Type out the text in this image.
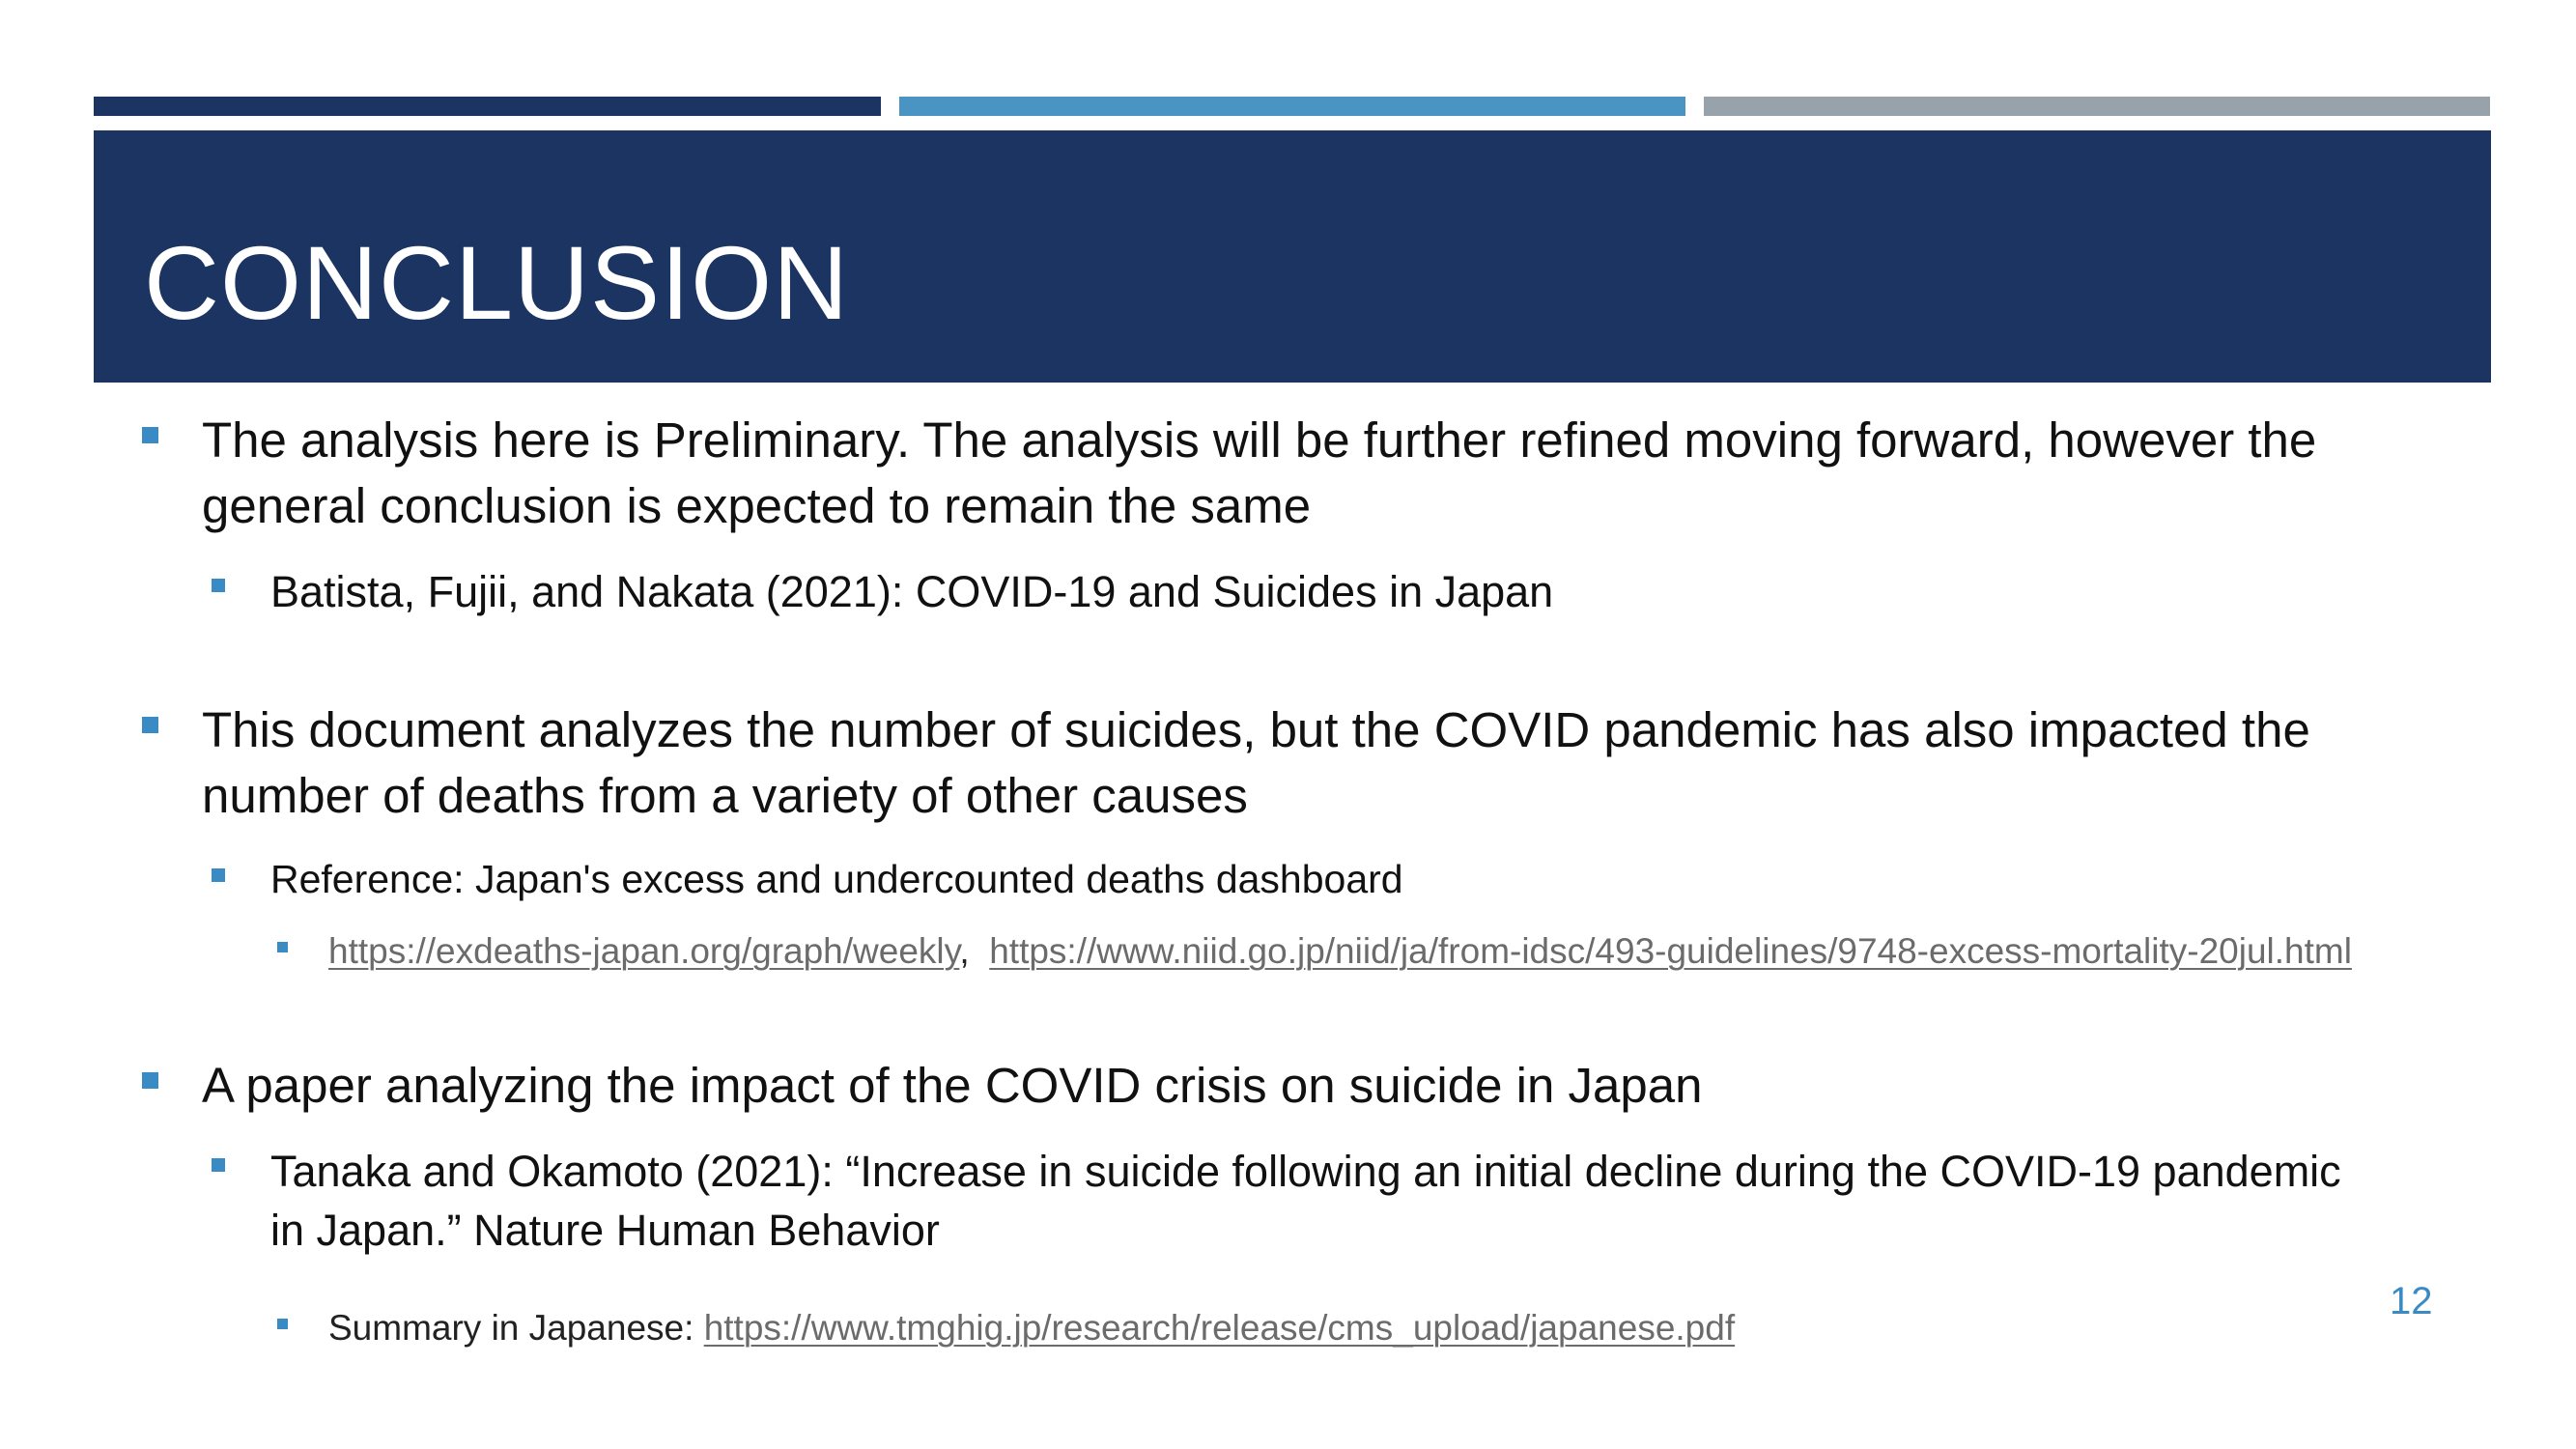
CONCLUSION
The analysis here is Preliminary. The analysis will be further refined moving forward, however the general conclusion is expected to remain the same
Batista, Fujii, and Nakata (2021): COVID-19 and Suicides in Japan
This document analyzes the number of suicides, but the COVID pandemic has also impacted the number of deaths from a variety of other causes
Reference: Japan's excess and undercounted deaths dashboard
https://exdeaths-japan.org/graph/weekly, https://www.niid.go.jp/niid/ja/from-idsc/493-guidelines/9748-excess-mortality-20jul.html
A paper analyzing the impact of the COVID crisis on suicide in Japan
Tanaka and Okamoto (2021): “Increase in suicide following an initial decline during the COVID-19 pandemic in Japan.” Nature Human Behavior
Summary in Japanese: https://www.tmghig.jp/research/release/cms_upload/japanese.pdf
12
